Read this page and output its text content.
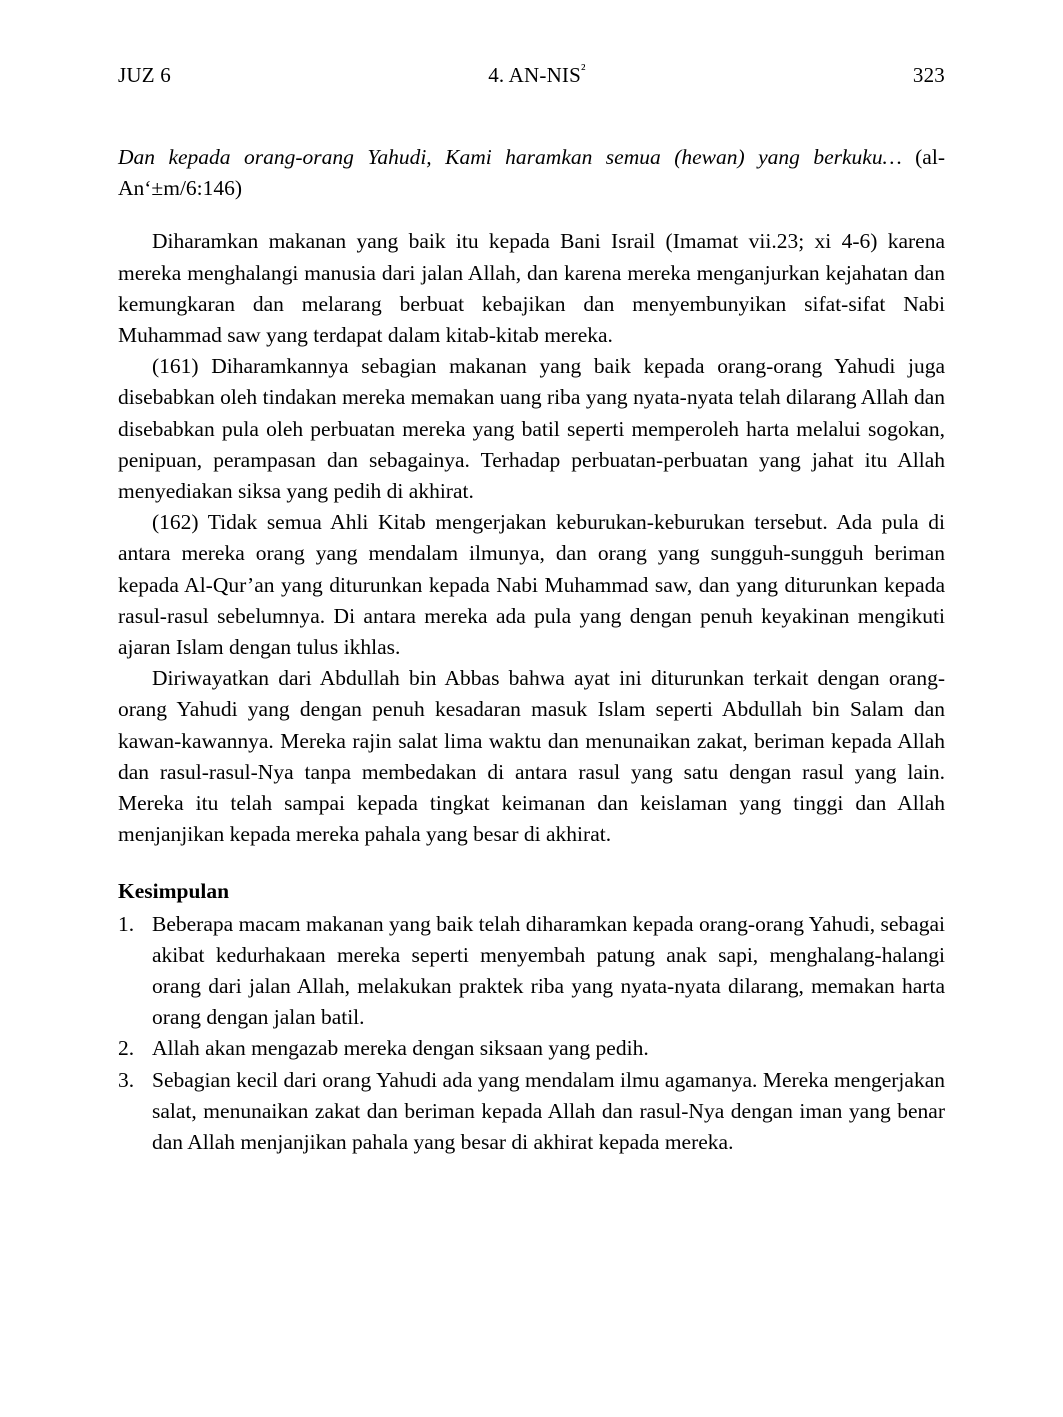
JUZ 6	4. $AN-NIS^{^2}$	323

Dan kepada orang-orang Yahudi, Kami haramkan semua (hewan) yang berkuku… (al-An‘±m/6:146)

Diharamkan makanan yang baik itu kepada Bani Israil (Imamat vii.23; xi 4-6) karena mereka menghalangi manusia dari jalan Allah, dan karena mereka menganjurkan kejahatan dan kemungkaran dan melarang berbuat kebajikan dan menyembunyikan sifat-sifat Nabi Muhammad saw yang terdapat dalam kitab-kitab mereka.

(161) Diharamkannya sebagian makanan yang baik kepada orang-orang Yahudi juga disebabkan oleh tindakan mereka memakan uang riba yang nyata-nyata telah dilarang Allah dan disebabkan pula oleh perbuatan mereka yang batil seperti memperoleh harta melalui sogokan, penipuan, perampasan dan sebagainya. Terhadap perbuatan-perbuatan yang jahat itu Allah menyediakan siksa yang pedih di akhirat.

(162) Tidak semua Ahli Kitab mengerjakan keburukan-keburukan tersebut. Ada pula di antara mereka orang yang mendalam ilmunya, dan orang yang sungguh-sungguh beriman kepada Al-Qur’an yang diturunkan kepada Nabi Muhammad saw, dan yang diturunkan kepada rasul-rasul sebelumnya. Di antara mereka ada pula yang dengan penuh keyakinan mengikuti ajaran Islam dengan tulus ikhlas.

Diriwayatkan dari Abdullah bin Abbas bahwa ayat ini diturunkan terkait dengan orang-orang Yahudi yang dengan penuh kesadaran masuk Islam seperti Abdullah bin Salam dan kawan-kawannya. Mereka rajin salat lima waktu dan menunaikan zakat, beriman kepada Allah dan rasul-rasul-Nya tanpa membedakan di antara rasul yang satu dengan rasul yang lain. Mereka itu telah sampai kepada tingkat keimanan dan keislaman yang tinggi dan Allah menjanjikan kepada mereka pahala yang besar di akhirat.

Kesimpulan
1. Beberapa macam makanan yang baik telah diharamkan kepada orang-orang Yahudi, sebagai akibat kedurhakaan mereka seperti menyembah patung anak sapi, menghalang-halangi orang dari jalan Allah, melakukan praktek riba yang nyata-nyata dilarang, memakan harta orang dengan jalan batil.
2. Allah akan mengazab mereka dengan siksaan yang pedih.
3. Sebagian kecil dari orang Yahudi ada yang mendalam ilmu agamanya. Mereka mengerjakan salat, menunaikan zakat dan beriman kepada Allah dan rasul-Nya dengan iman yang benar dan Allah menjanjikan pahala yang besar di akhirat kepada mereka.
